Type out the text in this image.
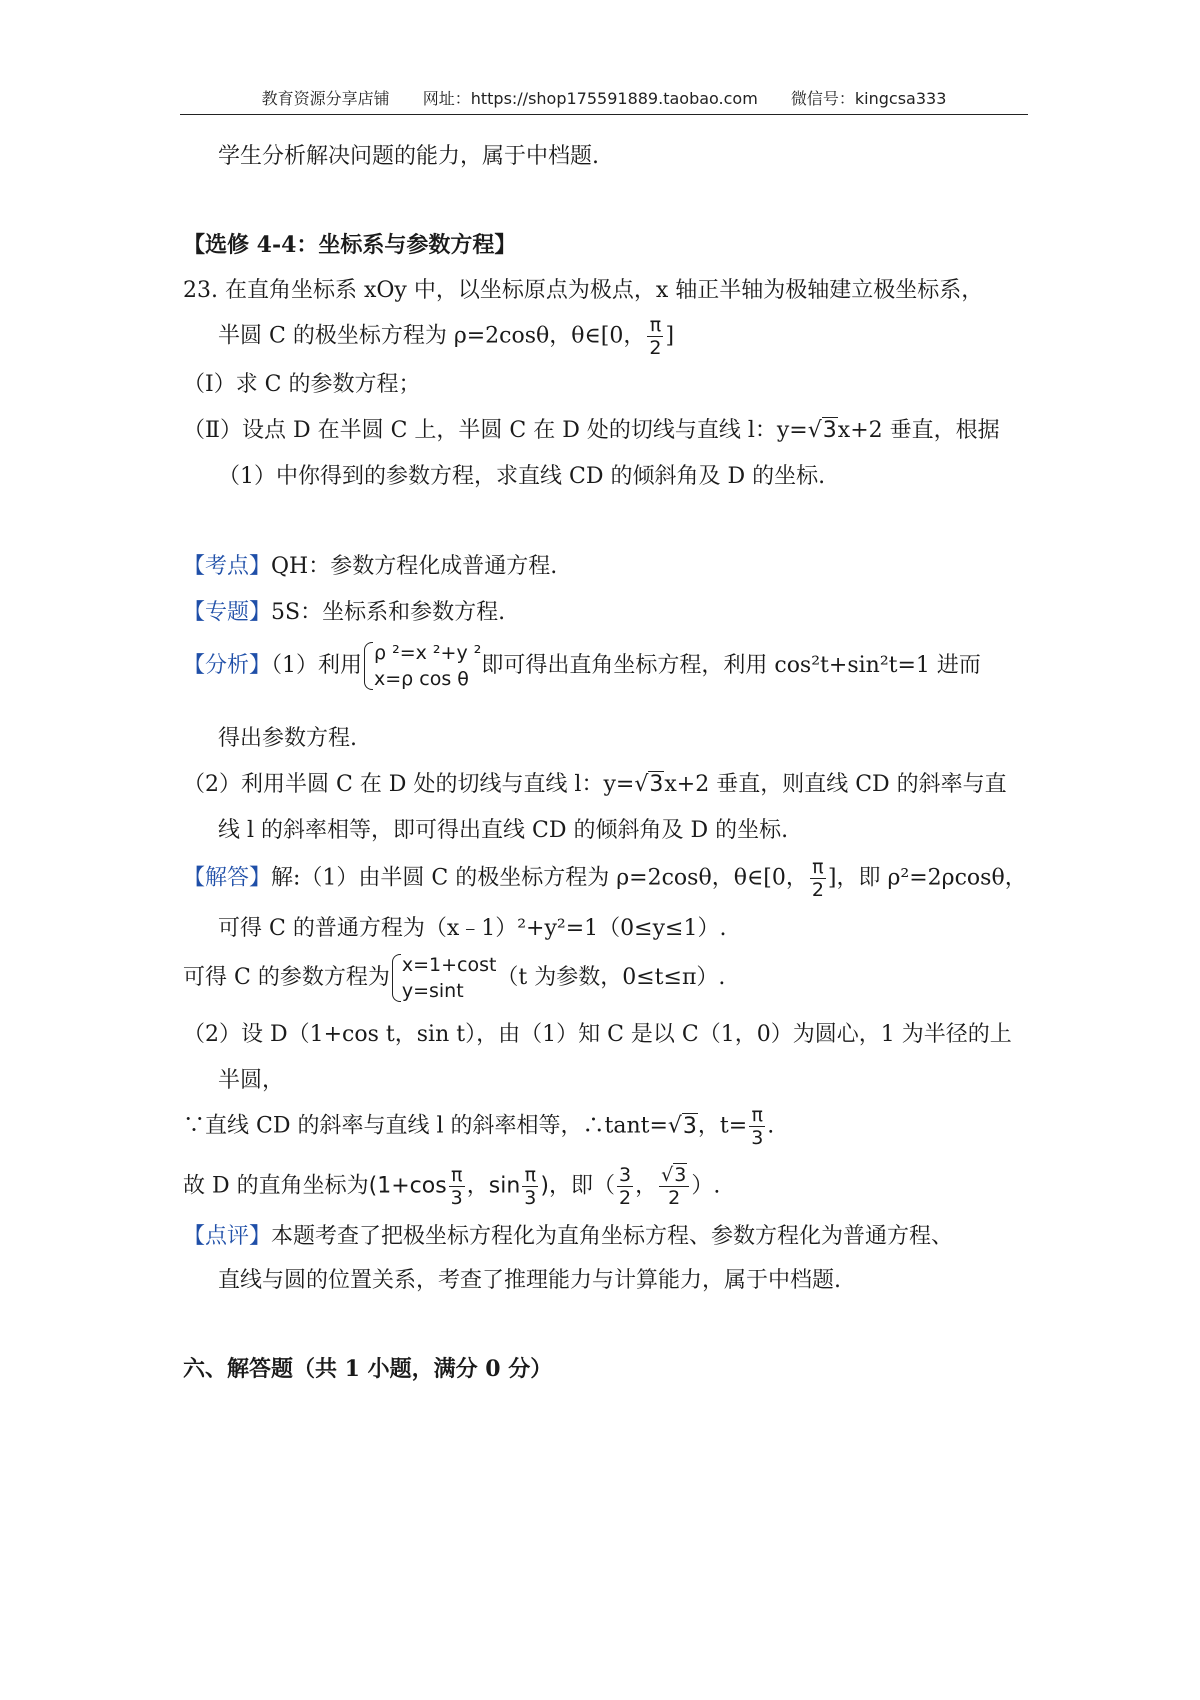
教育资源分享店铺 网址：https://shop175591889.taobao.com 微信号：kingcsa333
学生分析解决问题的能力，属于中档题.
【选修 4-4：坐标系与参数方程】
23. 在直角坐标系 xOy 中，以坐标原点为极点，x 轴正半轴为极轴建立极坐标系，
半圆 C 的极坐标方程为 ρ=2cosθ，θ∈[0， $\frac{\pi}{2}$ ]
（Ⅰ）求 C 的参数方程；
（Ⅱ）设点 D 在半圆 C 上，半圆 C 在 D 处的切线与直线 l：y=√3x+2 垂直，根据
（1）中你得到的参数方程，求直线 CD 的倾斜角及 D 的坐标.
【考点】QH：参数方程化成普通方程.
【专题】5S：坐标系和参数方程.
【分析】（1）利用 ρ ²=x ²+y ²
x=ρ cos θ
即可得出直角坐标方程，利用 cos²t+sin²t=1 进而
得出参数方程.
（2）利用半圆 C 在 D 处的切线与直线 l：y=√3x+2 垂直，则直线 CD 的斜率与直
线 l 的斜率相等，即可得出直线 CD 的倾斜角及 D 的坐标.
【解答】解:（1）由半圆 C 的极坐标方程为 ρ=2cosθ，θ∈[0， $\frac{\pi}{2}$ ]，即 ρ²=2ρcosθ，
可得 C 的普通方程为（x﹣1）²+y²=1（0≤y≤1）.
可得 C 的参数方程为 x=1+cost
y=sint
（t 为参数，0≤t≤π）.
（2）设 D（1+cos t，sin t），由（1）知 C 是以 C（1，0）为圆心，1 为半径的上
半圆，
∵直线 CD 的斜率与直线 l 的斜率相等，∴tant=√3，$t= \frac{\pi}{3}$ .
故 D 的直角坐标为($1+\cos \frac{\pi}{3}$ ，$\sin \frac{\pi}{3}$ )，即（ $\frac{3}{2}$ ， $\frac{√3}{2}$ ）.
【点评】本题考查了把极坐标方程化为直角坐标方程、参数方程化为普通方程、
直线与圆的位置关系，考查了推理能力与计算能力，属于中档题.
六、解答题（共 1 小题，满分 0 分）
